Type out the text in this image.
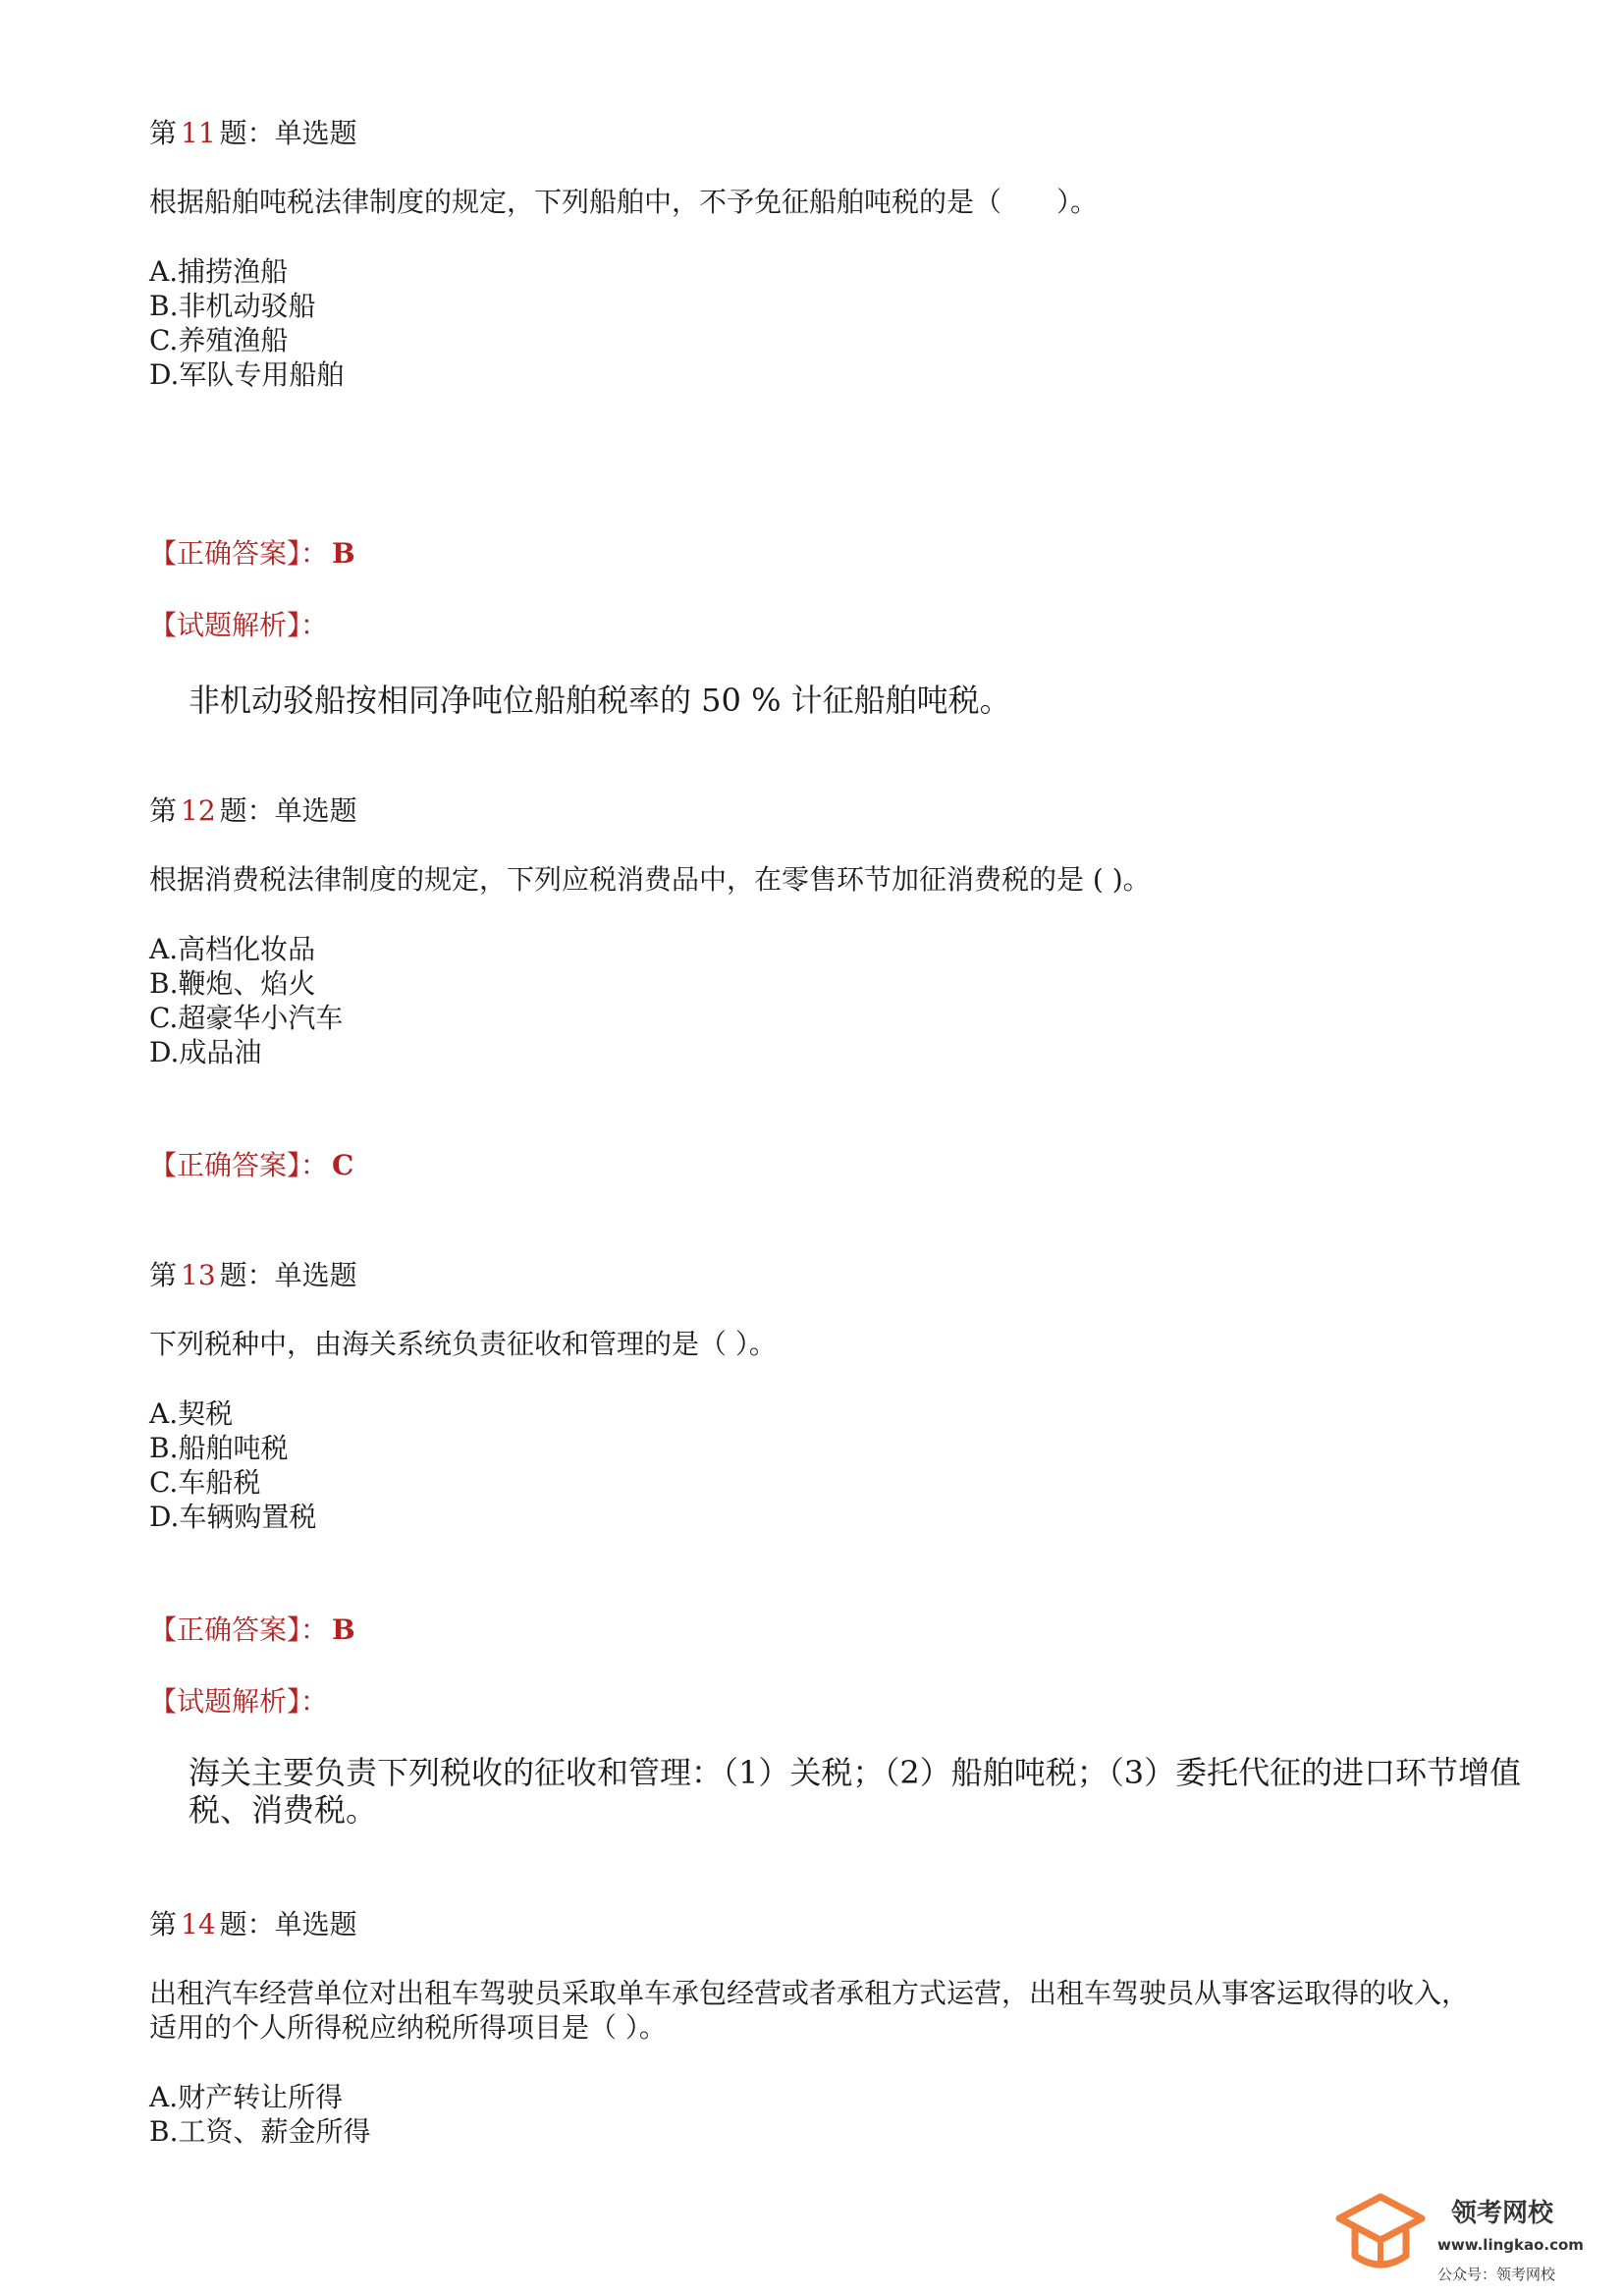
第 11 题：单选题
根据船舶吨税法律制度的规定，下列船舶中，不予免征船舶吨税的是（　　）。
A.捕捞渔船
B.非机动驳船
C.养殖渔船
D.军队专用船舶
【正确答案】： B
【试题解析】：
非机动驳船按相同净吨位船舶税率的 50 % 计征船舶吨税。
第 12 题：单选题
根据消费税法律制度的规定，下列应税消费品中，在零售环节加征消费税的是 ( )。
A.高档化妆品
B.鞭炮、焰火
C.超豪华小汽车
D.成品油
【正确答案】： C
第 13 题：单选题
下列税种中，由海关系统负责征收和管理的是（ ）。
A.契税
B.船舶吨税
C.车船税
D.车辆购置税
【正确答案】： B
【试题解析】：
海关主要负责下列税收的征收和管理：（1）关税；（2）船舶吨税；（3）委托代征的进口环节增值税、消费税。
第 14 题：单选题
出租汽车经营单位对出租车驾驶员采取单车承包经营或者承租方式运营，出租车驾驶员从事客运取得的收入，适用的个人所得税应纳税所得项目是（ ）。
A.财产转让所得
B.工资、薪金所得
领考网校
www.lingkao.com
公众号：领考网校
